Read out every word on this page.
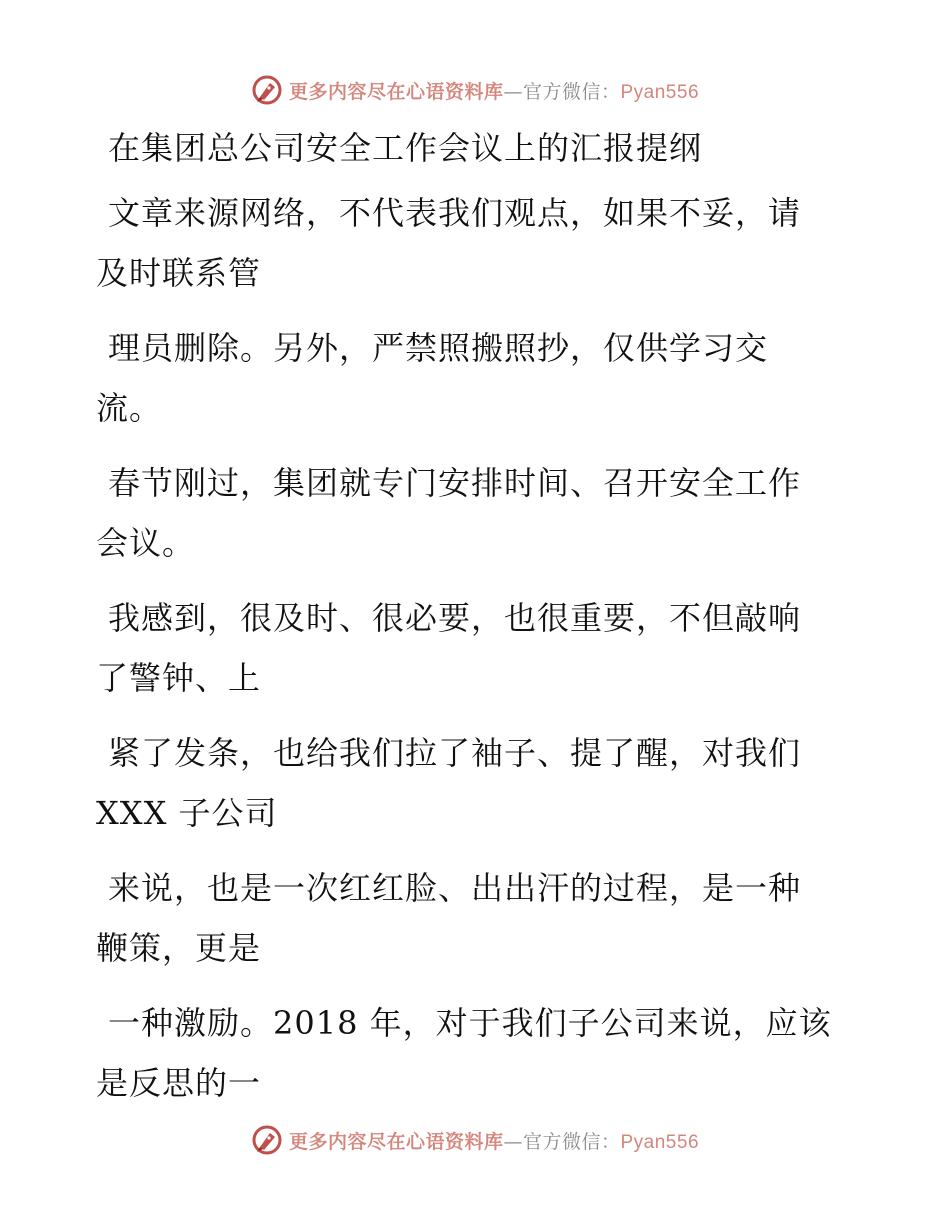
更多内容尽在心语资料库—官方微信：Pyan556
在集团总公司安全工作会议上的汇报提纲
文章来源网络，不代表我们观点，如果不妥，请
及时联系管
理员删除。另外，严禁照搬照抄，仅供学习交
流。
春节刚过，集团就专门安排时间、召开安全工作
会议。
我感到，很及时、很必要，也很重要，不但敲响
了警钟、上
紧了发条，也给我们拉了袖子、提了醒，对我们
XXX 子公司
来说，也是一次红红脸、出出汗的过程，是一种
鞭策，更是
一种激励。2018 年，对于我们子公司来说，应该
是反思的一
更多内容尽在心语资料库—官方微信：Pyan556
